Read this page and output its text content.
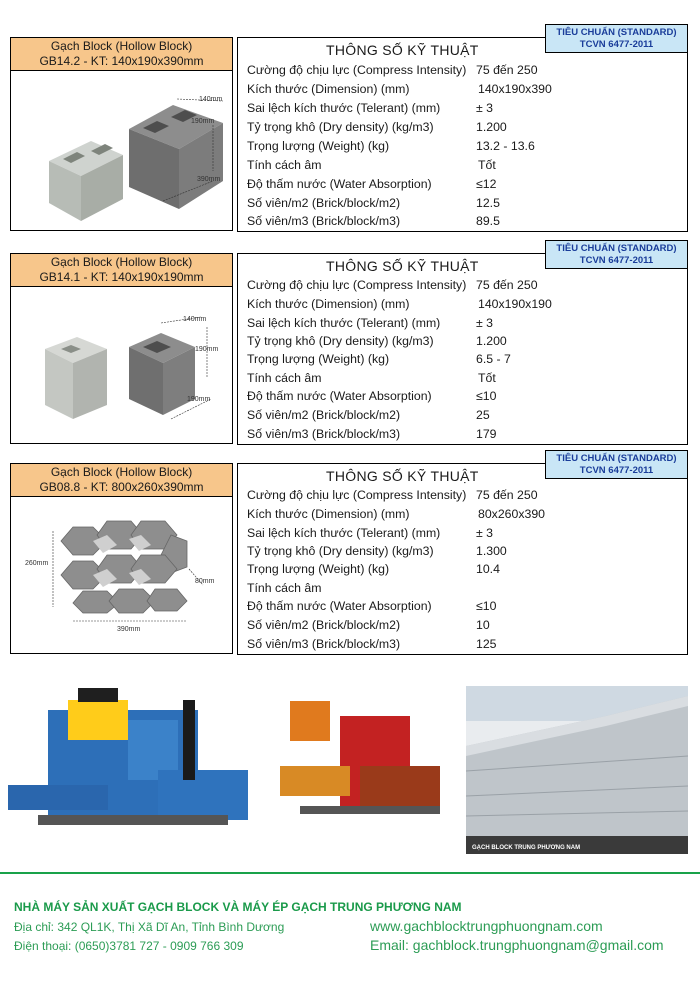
TIÊU CHUẨN (STANDARD)
TCVN 6477-2011
Gạch Block (Hollow Block)
GB14.2 - KT: 140x190x390mm
140mm
190mm
390mm
THÔNG SỐ KỸ THUẬT
Cường độ chịu lực (Compress Intensity) 75 đến 250
Kích thước (Dimension) (mm)	140x190x390
Sai lệch kích thước (Telerant) (mm)	± 3
Tỷ trọng khô (Dry density) (kg/m3)	1.200
Trọng lượng (Weight) (kg)	13.2 - 13.6
Tính cách âm	Tốt
Độ thấm nước (Water Absorption)	≤12
Số viên/m2 (Brick/block/m2)	12.5
Số viên/m3 (Brick/block/m3)	89.5
TIÊU CHUẨN (STANDARD)
TCVN 6477-2011
Gạch Block (Hollow Block)
GB14.1 - KT: 140x190x190mm
140mm
190mm
190mm
THÔNG SỐ KỸ THUẬT
Cường độ chịu lực (Compress Intensity) 75 đến 250
Kích thước (Dimension) (mm)	140x190x190
Sai lệch kích thước (Telerant) (mm)	± 3
Tỷ trọng khô (Dry density) (kg/m3)	1.200
Trọng lượng (Weight) (kg)	6.5 - 7
Tính cách âm	Tốt
Độ thấm nước (Water Absorption)	≤10
Số viên/m2 (Brick/block/m2)	25
Số viên/m3 (Brick/block/m3)	179
TIÊU CHUẨN (STANDARD)
TCVN 6477-2011
Gạch Block (Hollow Block)
GB08.8 - KT: 800x260x390mm
260mm
80mm
390mm
THÔNG SỐ KỸ THUẬT
Cường độ chịu lực (Compress Intensity) 75 đến 250
Kích thước (Dimension) (mm)	80x260x390
Sai lệch kích thước (Telerant) (mm)	± 3
Tỷ trọng khô (Dry density) (kg/m3)	1.300
Trọng lượng (Weight) (kg)	10.4
Tính cách âm
Độ thấm nước (Water Absorption)	≤10
Số viên/m2 (Brick/block/m2)	10
Số viên/m3 (Brick/block/m3)	125
GẠCH BLOCK TRUNG PHƯƠNG NAM
NHÀ MÁY SẢN XUẤT GẠCH BLOCK VÀ MÁY ÉP GẠCH TRUNG PHƯƠNG NAM
Địa chỉ: 342 QL1K, Thị Xã Dĩ An, Tỉnh Bình Dương
Điện thoại: (0650)3781 727 - 0909 766 309
www.gachblocktrungphuongnam.com
Email: gachblock.trungphuongnam@gmail.com
